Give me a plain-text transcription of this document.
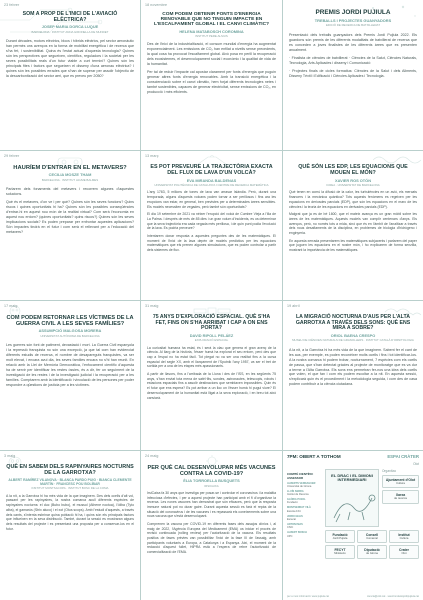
23 febrer
SOM A PROP DE L'INICI DE L'AVIACIÓ ELÈCTRICA?
JOSEP MARIA DORCA LUQUE
BARCELONA · INSTITUT ANNA GIRONELLA DE MUNDET

Durant dècades, motors elèctrics, blocs i híbrids elèctrics, pel sector aeronàutic han permès uns avenços en la forma de mobilitat energètica i de recerca que s'ha fet, i sostenibilitat. Quina és l'estat actual d'aquesta tecnologia? Quines són les perspectives que segueixen, científics, reguladors i la societat per les seves possibilitats reals d'un futur viable a curt termini? Quines són les principals fites i factors que segueixen el disseny d'una aeronau elèctrica? I quines són les possibles errades que s'han de superar per assolir l'objectiu de la descarbonització del sector aeri, que es preveu per 2050?

18 novembre
COM PODEM OBTENIR FONTS D'ENERGIA RENOVABLE QUE NO TINGUIN IMPACTE EN L'ESCALFAMENT GLOBAL I EL CANVI CLIMÀTIC?
HELENA MATABOSCH COROMINA
INSTITUT PERE ALSIUS

Des de l'inici de la industrialització, el consum mundial d'energia ha augmentat exponencialment. Les emissions de CO₂ han enfilat a nivells sense precedents, la qual cosa ha provocat l'escalfament global. Això posa en perill la recuperació dels ecosistemes, el desenvolupament social i econòmic i la qualitat de vida de la humanitat.

Per tal de reduir l'impacte cal apostar clarament per fonts d'energia que puguin generar altres fonts d'energia renovables. Amb la transició energètica i la conscienciació sobre el canvi climàtic, hem forjat diferents tecnologies netes i també sostenibles, capaces de generar electricitat, sense emissions de CO₂, en producció i més eficients.

PREMIS JORDI PUJIULA
TREBALLS I PROJECTES GUANYADORS
EDICIÓ DE RECERCA DE BATXILLERAT

Presentació dels treballs guanyadors dels Premis Jordi Pujiula 2022. Els guardons són premis de les diferents modalitats de batxillerat de recerca que es conceden a joves finalistes de les diferents àrees que es presenten anualment.

· Finalista de ciències de batxillerat · Ciències de la Salut, Ciències Naturals, Tecnologia, Arts Aplicades i disseny i Comunicació

· Projectes finals de cicles formatius: Ciències de la Salut i dels Aliments, Disseny Tèxtil i Edificació i Ciències Aplicades i Tecnologia.

29 febrer
HAURÍEM D'ENTRAR EN EL METAVERS?
CECILIA MOSZE THAM
BARCELONA · INSTITUT JAUME BALMES

Parlarem dels fonaments del metavers i recorrem algunes d'aquestes solucions.

Què és el metavers, d'on ve i per què? Quines són les seves funcions? Quins riscos i quines oportunitats hi ha? Quines són les possibles conseqüències d'entrar-hi en aquest nou món de la realitat virtual? Com serà l'economia en aquest nou entorn? (quines oportunitats? quins riscos?) Quines són les seves implicacions socials? Es poden preparar per enfrontar aquestes aplicacions? Són impactes tindrà en el futur i com serà el rellevant per a l'educació del metavers?

13 març
ES POT PREVEURE LA TRAJECTÒRIA EXACTA DEL FLUX DE LAVA D'UN VOLCÀ?
EVA MIRANDA BALDENAS
UNIVERSITAT POLITÈCNICA DE CATALUNYA I CENTRE DE RECERCA MATEMÀTICA

L'any 1783, 5 milions de tones de lava van arrasar Islàndia. Però, durant una temporada, alguns d'aquests volcans poden tornar a ser perillosos i fins ara les erupcions van estar, en general, ben previstes per a determinades àrees sensibles. Els models necessiten de vegades, però també són oportunitats?

El dia 19 setembre de 2021 va néixer l'erupció del volcà de Cumbre Vieja a l'illa de La Palma. I després de més de 85 dies i un gran volum d'incidents, es va determinar que la seva trajectòria era cada vegada més perillosa, i de quin punt podia l'evolució de la lava. Es podria preveure?

Intentarem donar resposta a aquestes preguntes des de les matemàtiques. El moment de l'inici de la lava depèn de models predictius per les equacions matemàtiques que els prenen algunes simulacions, que es poden controlar a partir dels sistemes de flux.

QUÈ SÓN LES EDP, LES EQUACIONS QUE MOUEN EL MÓN?
XAVIER ROS OTÓN
ICREA · UNIVERSITAT DE BARCELONA

Què tenen en comú la difusió de la calor, les turbulències en un avió, els mercats financers i la mecànica quàntica? Tots aquests fenòmens es regeixen per les equacions en derivades parcials (EDP), que són les equacions en el marc de les ciències i la teoria de les equacions en derivades parcials (EDP).

Malgrat que ja es de bé 1600, que el mateix avança es un gran mòbil sobre les àrees de les matemàtiques. Aquests models van complir centenars d'anys. Els avenços, però, no només tots a mida, sinó que és en l'àmbit de l'analitzar a través dels nous desafiaments de la disciplina, en problemes de biologia d'hidrògeno i enginyeria.

En aquesta xerrada presentarem les matemàtiques subjacents i parlarem del paper que juguen les equacions en el nostre món, i ho explicarem de forma senzilla, mostrant la importància de les matemàtiques.

17 maig
COM PODEM RETORNAR LES VÍCTIMES DE LA GUERRA CIVIL A LES SEVES FAMÍLIES?
ASSUMPCIÓ MALGOSA MORERA
UNIVERSITAT AUTÒNOMA DE BARCELONA

Les guerres són font de patiment, devastació i mort. La Guerra Civil espanyola i la repressió franquista no són una excepció, ja que tal com han evidenciat diferents estudis de recerca, el nombre de desapareguts franquistes, va ser molt elevat, i encara avui dia, les seves famílies encara no s'hi han reunit. En relació amb la Llei de Memòria Democràtica, l'enfocament científic d'aquesta ha de servir per identificar les restes òssies, és a dir, fer un seguiment de la investigació de les restes i de la investigació judicial i la recuperació per a les famílies. Comptarem amb la identificació i vinculació de les persones per poder respondre a qüestions de justícia per a les víctimes.

31 maig
75 ANYS D'EXPLORACIÓ ESPACIAL. QUÈ S'HA FET, FINS ON S'HA ARRIBAT I CAP A ON ENS PORTA?
DAVID RIPOLL PELÁEZ
EXPLORACIÓ ESPACIAL

La curiositat humana ha estat, és i serà la clau que genera el gran avenç de la ciència. Al llarg de la història, l'ésser humà ha explorat el seu entorn, però des que cap a l'espai no ha estat fàcil. Tot plegat no va ser una realitat fins a la cursa espacial del segle XX, amb el llançament de l'Sputnik l'any 1957, va ser el tret de sortida per a una de les etapes més apassionants.

A partir de llavors, fins a l'arribada de la Lluna i des de l'ISS, en les següents 75 anys, s'han enviat tota mena de satèl·lits, sondes, astronautes, telescopis, robots i estacions espacials fins a assolir destinacions que semblaven impossibles. Quin és el futur que ens espera? Es pot arribar a un lloc on l'ésser humà hi pugui viure? El desenvolupament de la humanitat està lligat a la seva exploració, i en breu tot això canviarà.

19 abril
LA MIGRACIÓ NOCTURNA D'AUS PER L'ALTA GARROTXA A TRAVÉS DELS SONS: QUÈ ENS MIRA A SOBRE?
ORIOL BAENA CRESPO
MUSEU DE CIÈNCIES NATURALS DE GRANOLLERS · INSTITUT CATALÀ D'ORNITOLOGIA

A la nit, a la Garrotxa hi ha més vida de la que imaginem. Sabent fer el cant de les aus, per exemple, es poden reconèixer molts ocells i fins i tot identificar-los. A la nostra comarca hi podem trobar, nocturnament, 7 espècies com els ocells de passa, que s'han detectat gràcies al projecte de monitoratge que es va dur a terme a l'Alta Garrotxa. Els sons ens permetran fer-nos una idea dels ocells que volen, el que fan i com els podem escoltar a la nit. En aquesta sessió, s'explicarà quin és el procediment i la metodologia seguida, i com des de casa podem contribuir a la ciència ciutadana.

3 maig
QUÈ EN SABEM DELS RAPINYAIRES NOCTURNS DE LA GARROTXA?
ALBERT RAMÍREZ VILANOVA · BLANCA PARDO PUIG · BIANCA CLEMENTE MARTÍN · FRANCESC POU BOLÍBAR
INSTITUT MONTSACOPA · INSTITUT BOSC DE LA COMA

A la nit, a la Garrotxa hi ha més vida de la que imaginem. Des dels ocells d'alt vol, passant per les rapinyaires, la nostra comarca acull diferents espècies de rapinyaires nocturns: el duc (Bubo bubo), el mussol (Athene noctua), l'òliba (Tyto alba), el gamarús (Strix aluco) i el xot (Otus scops). Amb l'estudi d'aquests, a través dels cants, s'intenta esbrinar quina població hi ha, i quins són els principals factors que influeixen en la seva distribució. També, durant la sessió es mostraran alguns dels resultats del projecte i es presentarà una proposta per a conservar-los en el futur.

24 maig
PER QUÈ CAL DESENVOLUPAR MÉS VACUNES CONTRA LA COVID-19?
ÈLIA TORROELLA BUSQUETS
IRSICAIXA

IrsiCaixa fa 30 anys que investiga per posar-se i controlar el coronavirus i la malaltia infecciosa d'efectes, i per a aquest projecte han participat amb el fi d'organitzar la recerca. Les noves vacunes han demostrat que són eficaces, però que la resposta immune natural pot no durar gaire. Durant aquesta sessió es farà el repàs de la situació del coronavirus i de les vacunes i es repassarà els coneixements sobre una nova vacuna que s'està desenvolupant.

Comprenen la vacuna per COVID-19 en diferents fases dels assajos clínics i, al maig de 2022, l'Agència Europea del Medicament (EMA) va iniciar el procés de revisió continuada (rolling review) per l'autorització de la vacuna. Els resultats positius de fases prèvies van possibilitar l'inici de la fase III de l'assaig, amb participants voluntaris a Europa, a Catalunya i a Espanya. Així, el moment de la redacció d'aquest fullet, HIPRA està a l'espera de rebre l'autorització de comercialització de l'EMA.

7PM: OBERT A TOTHOM	ESPAI CRÀTER
Olot
COMITÈ CIENTÍFIC ASSESSOR
ALBERTS VERDAGUER
Universitat de Girona
LLUÍS SERRA
Institut de Recerca
GLÒRIA PUJOL
Fundació
MONTSERRAT VILÀ
Escola d'Art
JORDI GELIS
Eurecat
ANTONI MAS
CSIC
ALBERT BOSCH
UPC
EL DRAC I EL DIMONI INTERMEDIARI
Organitza
Ajuntament d'Olot
Cultura
Xarxa
de recerca
Fundació
Jordi Pujiula
Consell
Comarcal
Institut
Cultura
FECYT
Ministerio
Diputació
de Girona
Crater
Olot
per a més informació: www.pujiula.cat	ciencia@olot.cat · www.fundaciojordipujiula.cat
